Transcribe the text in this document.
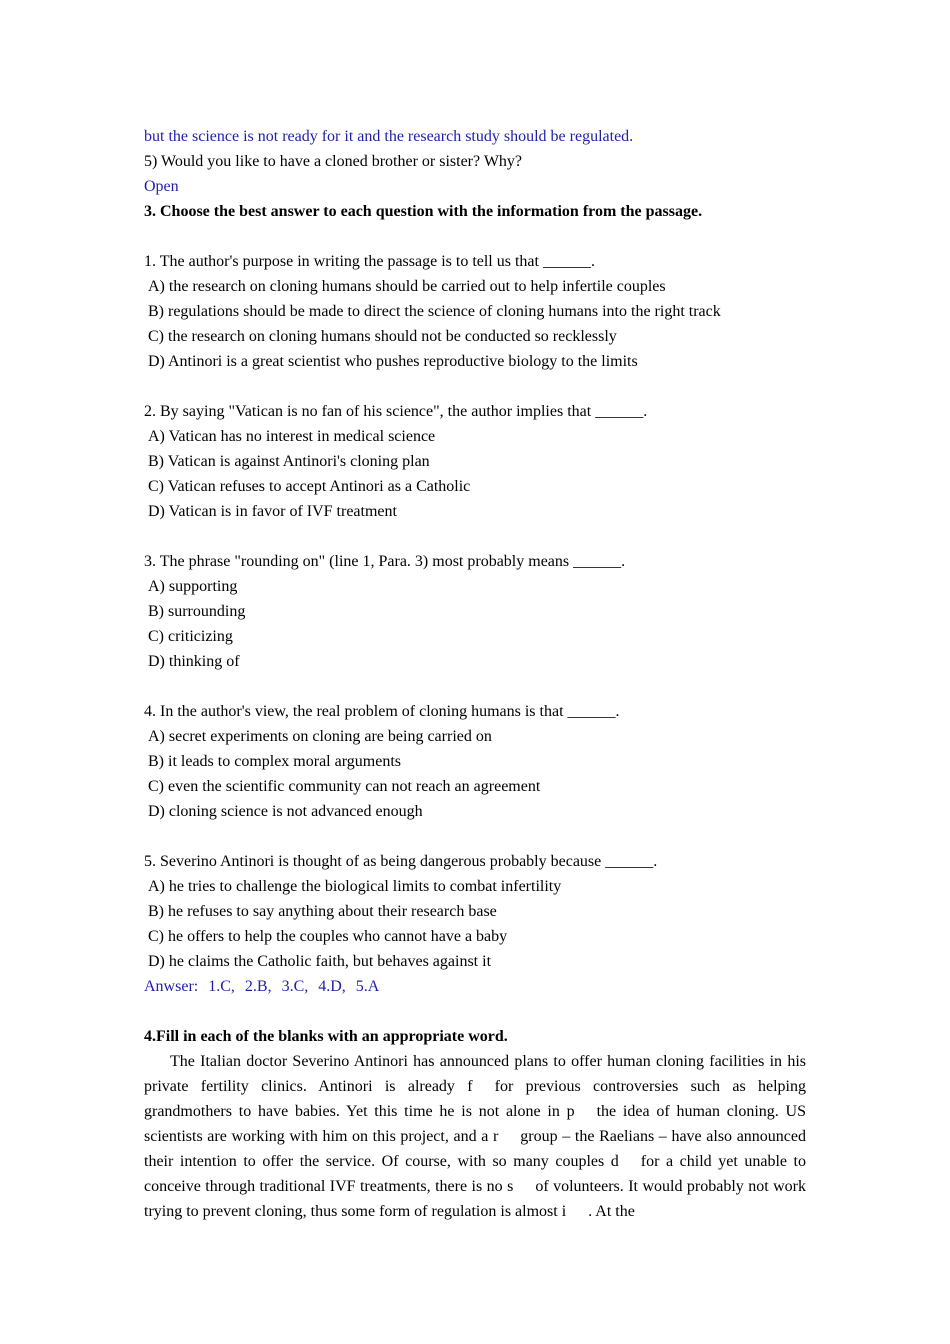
but the science is not ready for it and the research study should be regulated.
5) Would you like to have a cloned brother or sister? Why?
Open
3. Choose the best answer to each question with the information from the passage.
1. The author's purpose in writing the passage is to tell us that ______.
A) the research on cloning humans should be carried out to help infertile couples
B) regulations should be made to direct the science of cloning humans into the right track
C) the research on cloning humans should not be conducted so recklessly
D) Antinori is a great scientist who pushes reproductive biology to the limits
2. By saying "Vatican is no fan of his science", the author implies that ______.
A) Vatican has no interest in medical science
B) Vatican is against Antinori's cloning plan
C) Vatican refuses to accept Antinori as a Catholic
D) Vatican is in favor of IVF treatment
3. The phrase "rounding on" (line 1, Para. 3) most probably means ______.
A) supporting
B) surrounding
C) criticizing
D) thinking of
4. In the author's view, the real problem of cloning humans is that ______.
A) secret experiments on cloning are being carried on
B) it leads to complex moral arguments
C) even the scientific community can not reach an agreement
D) cloning science is not advanced enough
5. Severino Antinori is thought of as being dangerous probably because ______.
A) he tries to challenge the biological limits to combat infertility
B) he refuses to say anything about their research base
C) he offers to help the couples who cannot have a baby
D) he claims the Catholic faith, but behaves against it
Anwser: 1.C, 2.B, 3.C, 4.D, 5.A
4.Fill in each of the blanks with an appropriate word.
The Italian doctor Severino Antinori has announced plans to offer human cloning facilities in his private fertility clinics. Antinori is already f for previous controversies such as helping grandmothers to have babies. Yet this time he is not alone in p the idea of human cloning. US scientists are working with him on this project, and a r group – the Raelians – have also announced their intention to offer the service. Of course, with so many couples d for a child yet unable to conceive through traditional IVF treatments, there is no s of volunteers. It would probably not work trying to prevent cloning, thus some form of regulation is almost i . At the
